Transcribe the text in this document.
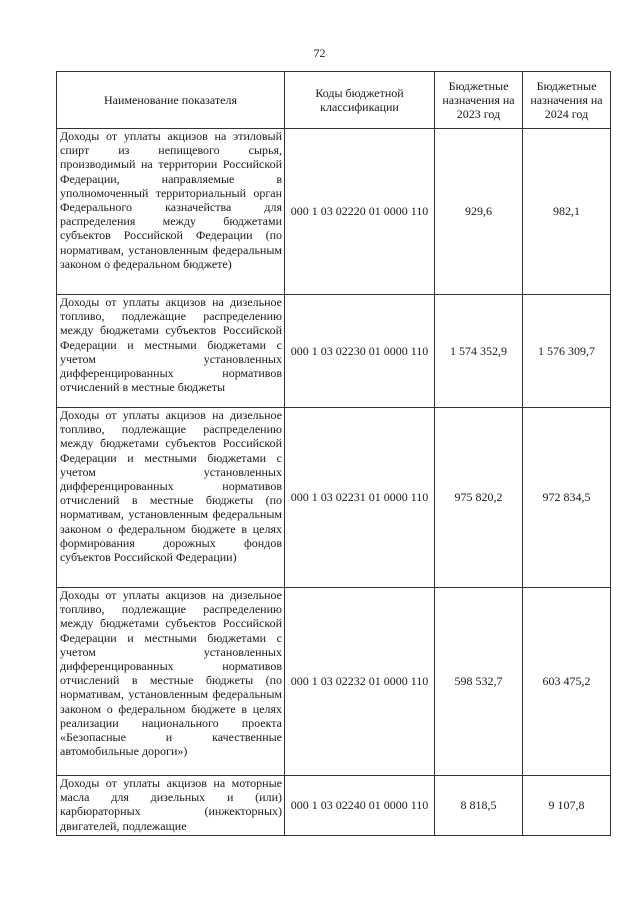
72
Наименование показателя	Коды бюджетной классификации	Бюджетные назначения на 2023 год	Бюджетные назначения на 2024 год
Доходы от уплаты акцизов на этиловый спирт из непищевого сырья, производимый на территории Российской Федерации, направляемые в уполномоченный территориальный орган Федерального казначейства для распределения между бюджетами субъектов Российской Федерации (по нормативам, установленным федеральным законом о федеральном бюджете)	000 1 03 02220 01 0000 110	929,6	982,1
Доходы от уплаты акцизов на дизельное топливо, подлежащие распределению между бюджетами субъектов Российской Федерации и местными бюджетами с учетом установленных дифференцированных нормативов отчислений в местные бюджеты	000 1 03 02230 01 0000 110	1 574 352,9	1 576 309,7
Доходы от уплаты акцизов на дизельное топливо, подлежащие распределению между бюджетами субъектов Российской Федерации и местными бюджетами с учетом установленных дифференцированных нормативов отчислений в местные бюджеты (по нормативам, установленным федеральным законом о федеральном бюджете в целях формирования дорожных фондов субъектов Российской Федерации)	000 1 03 02231 01 0000 110	975 820,2	972 834,5
Доходы от уплаты акцизов на дизельное топливо, подлежащие распределению между бюджетами субъектов Российской Федерации и местными бюджетами с учетом установленных дифференцированных нормативов отчислений в местные бюджеты (по нормативам, установленным федеральным законом о федеральном бюджете в целях реализации национального проекта «Безопасные и качественные автомобильные дороги»)	000 1 03 02232 01 0000 110	598 532,7	603 475,2
Доходы от уплаты акцизов на моторные масла для дизельных и (или) карбюраторных (инжекторных) двигателей, подлежащие	000 1 03 02240 01 0000 110	8 818,5	9 107,8
